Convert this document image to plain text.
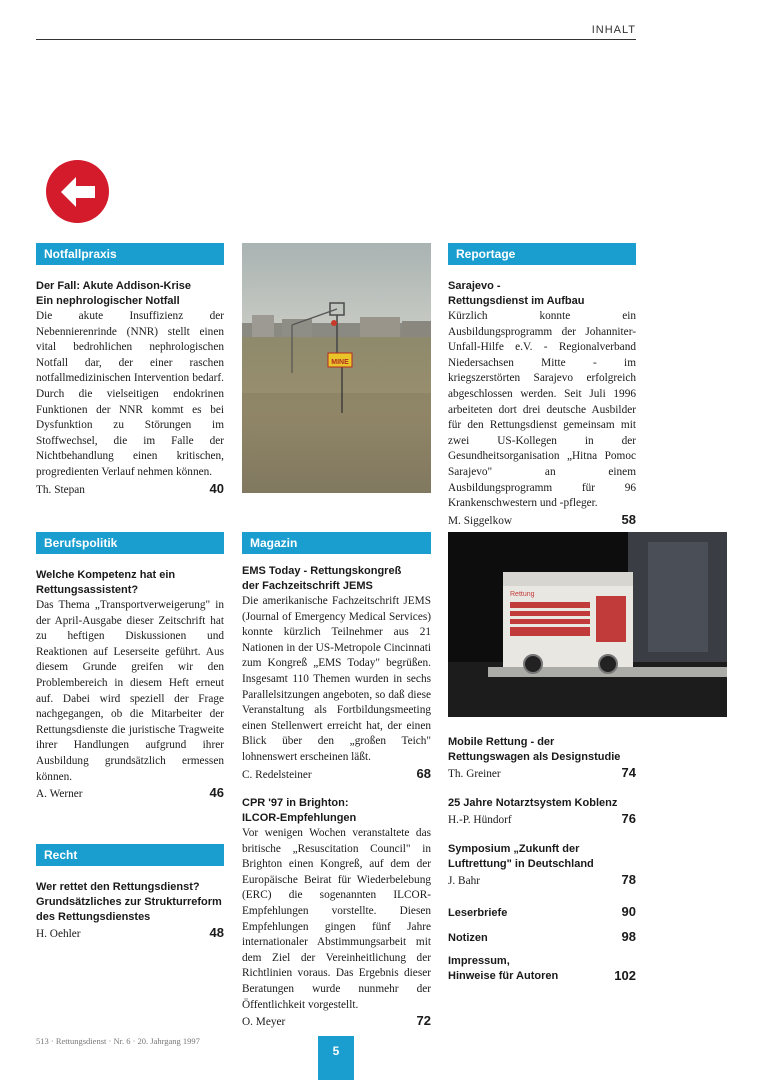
INHALT
Notfallpraxis
Der Fall: Akute Addison-Krise
Ein nephrologischer Notfall
Die akute Insuffizienz der Nebennierenrinde (NNR) stellt einen vital bedrohlichen nephrologischen Notfall dar, der einer raschen notfallmedizinischen Intervention bedarf. Durch die vielseitigen endokrinen Funktionen der NNR kommt es bei Dysfunktion zu Störungen im Stoffwechsel, die im Falle der Nichtbehandlung einen kritischen, progredienten Verlauf nehmen können.
Th. Stepan	40
MINE
Reportage
Sarajevo -
Rettungsdienst im Aufbau
Kürzlich konnte ein Ausbildungsprogramm der Johanniter-Unfall-Hilfe e.V. - Regionalverband Niedersachsen Mitte - im kriegszerstörten Sarajevo erfolgreich abgeschlossen werden. Seit Juli 1996 arbeiteten dort drei deutsche Ausbilder für den Rettungsdienst gemeinsam mit zwei US-Kollegen in der Gesundheitsorganisation „Hitna Pomoc Sarajevo" an einem Ausbildungsprogramm für 96 Krankenschwestern und -pfleger.
M. Siggelkow	58
Berufspolitik
Welche Kompetenz hat ein
Rettungsassistent?
Das Thema „Transportverweigerung" in der April-Ausgabe dieser Zeitschrift hat zu heftigen Diskussionen und Reaktionen auf Leserseite geführt. Aus diesem Grunde greifen wir den Problembereich in diesem Heft erneut auf. Dabei wird speziell der Frage nachgegangen, ob die Mitarbeiter der Rettungsdienste die juristische Tragweite ihrer Handlungen aufgrund ihrer Ausbildung grundsätzlich ermessen können.
A. Werner	46
Magazin
EMS Today - Rettungskongreß
der Fachzeitschrift JEMS
Die amerikanische Fachzeitschrift JEMS (Journal of Emergency Medical Services) konnte kürzlich Teilnehmer aus 21 Nationen in der US-Metropole Cincinnati zum Kongreß „EMS Today" begrüßen. Insgesamt 110 Themen wurden in sechs Parallelsitzungen angeboten, so daß diese Veranstaltung als Fortbildungsmeeting einen Stellenwert erreicht hat, der einen Blick über den „großen Teich" lohnenswert erscheinen läßt.
C. Redelsteiner	68
CPR '97 in Brighton:
ILCOR-Empfehlungen
Vor wenigen Wochen veranstaltete das britische „Resuscitation Council" in Brighton einen Kongreß, auf dem der Europäische Beirat für Wiederbelebung (ERC) die sogenannten ILCOR-Empfehlungen vorstellte. Diesen Empfehlungen gingen fünf Jahre internationaler Abstimmungsarbeit mit dem Ziel der Vereinheitlichung der Richtlinien voraus. Das Ergebnis dieser Beratungen wurde nunmehr der Öffentlichkeit vorgestellt.
O. Meyer	72
Rettung
Mobile Rettung - der
Rettungswagen als Designstudie
Th. Greiner	74
25 Jahre Notarztsystem Koblenz
H.-P. Hündorf	76
Symposium „Zukunft der
Luftrettung" in Deutschland
J. Bahr	78
Leserbriefe	90
Notizen	98
Impressum,
Hinweise für Autoren	102
Recht
Wer rettet den Rettungsdienst?
Grundsätzliches zur Strukturreform
des Rettungsdienstes
H. Oehler	48
513 · Rettungsdienst · Nr. 6 · 20. Jahrgang 1997
5
